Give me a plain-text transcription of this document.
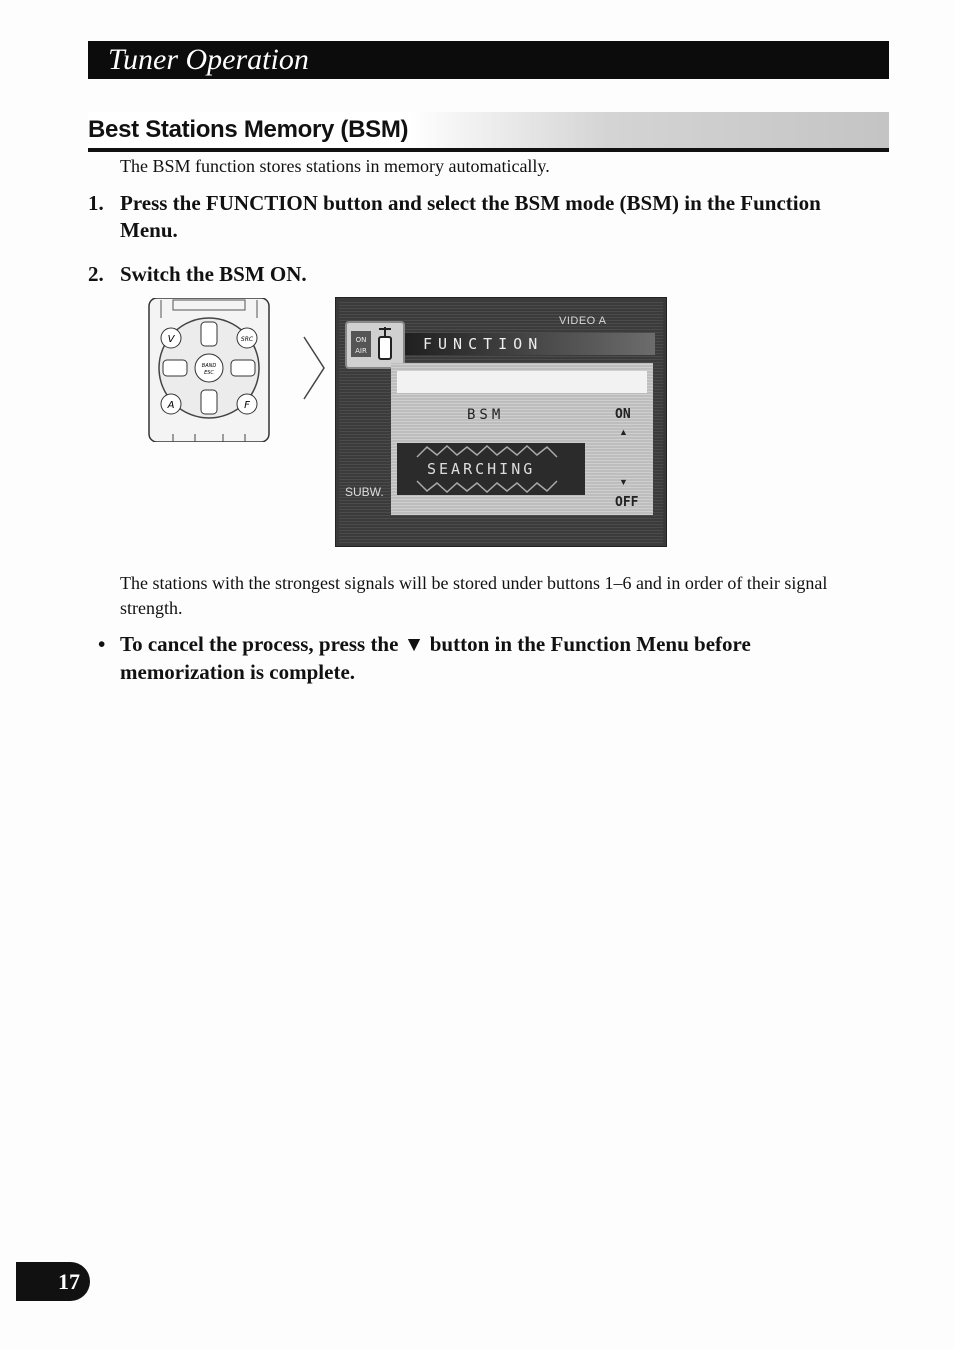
Tuner Operation
Best Stations Memory (BSM)
The BSM function stores stations in memory automatically.
1. Press the FUNCTION button and select the BSM mode (BSM) in the Function Menu.
2. Switch the BSM ON.
BAND
ESC
V	SRC
A	F
VIDEO A
FUNCTION
ON
AIR
BSM	ON
▲
SEARCHING
▼
OFF
SUBW.
The stations with the strongest signals will be stored under buttons 1–6 and in order of their signal strength.
• To cancel the process, press the ▼ button in the Function Menu before memorization is complete.
17
